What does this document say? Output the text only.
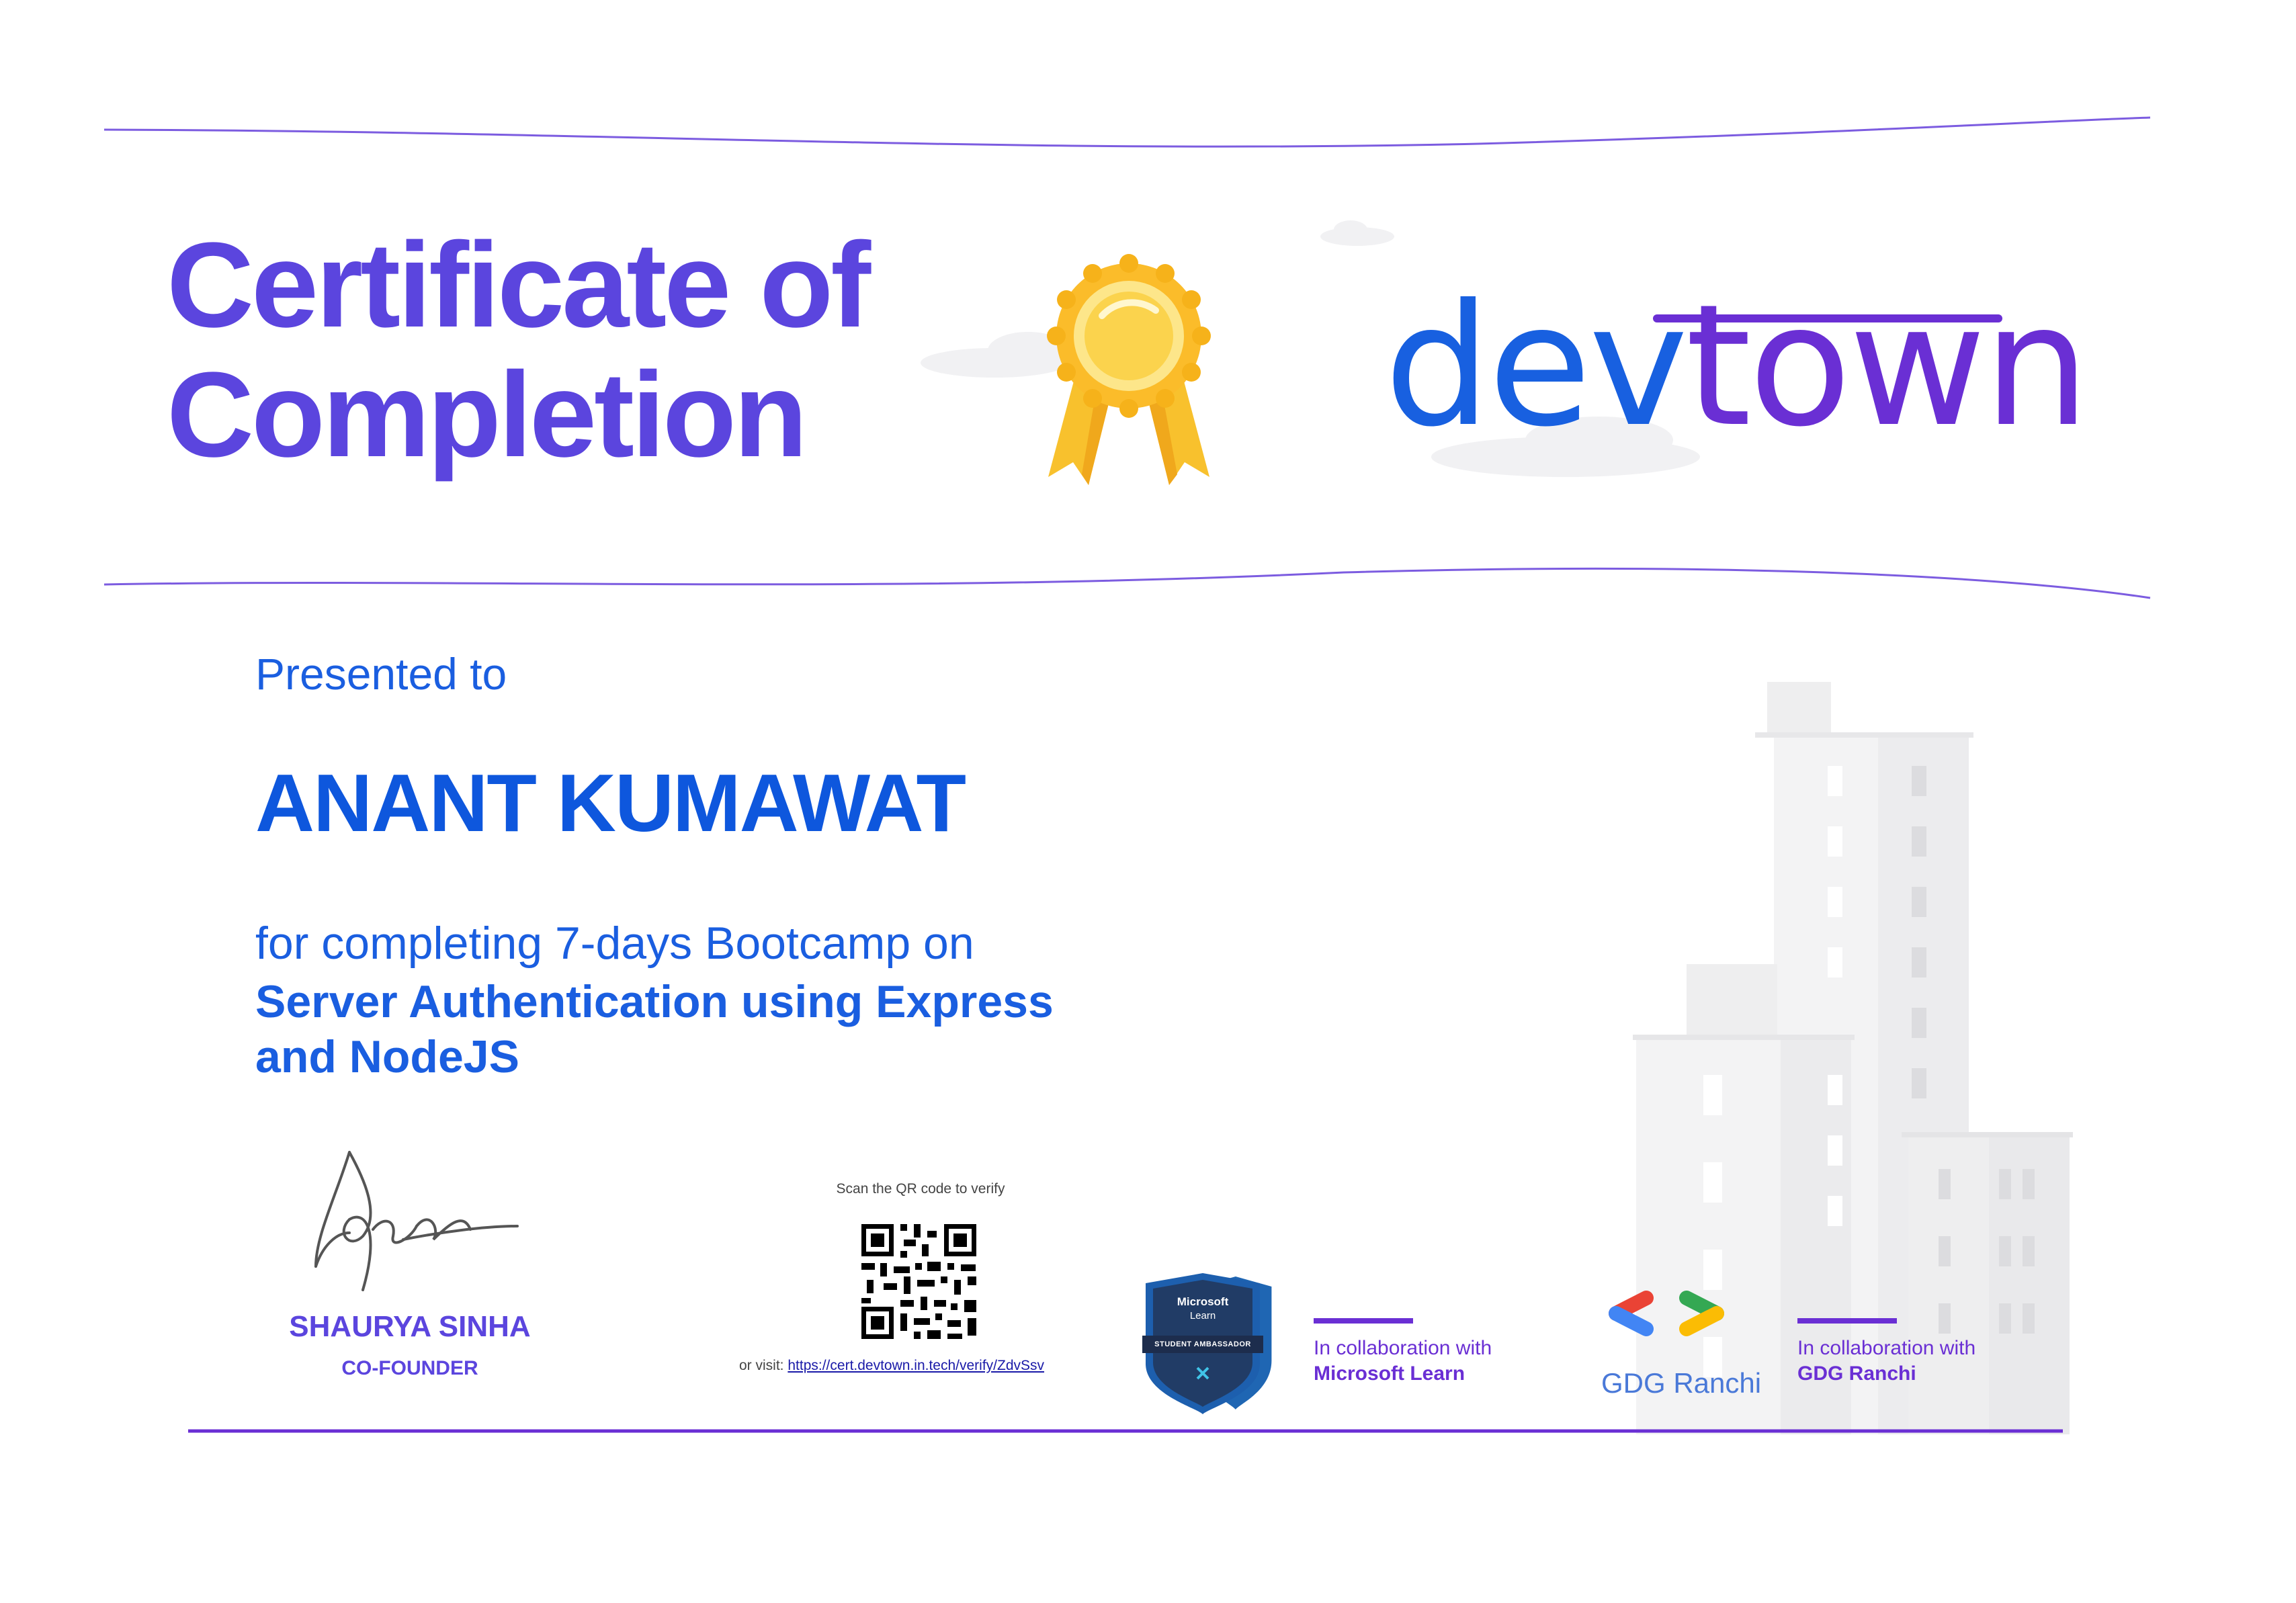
Certificate of
Completion	devtown
Presented to
ANANT KUMAWAT
for completing 7-days Bootcamp on
Server Authentication using Express and NodeJS
SHAURYA SINHA
CO-FOUNDER
Scan the QR code to verify
or visit: https://cert.devtown.in.tech/verify/ZdvSsv
Microsoft
Learn
STUDENT AMBASSADOR	In collaboration with
Microsoft Learn	GDG Ranchi
In collaboration with
GDG Ranchi
